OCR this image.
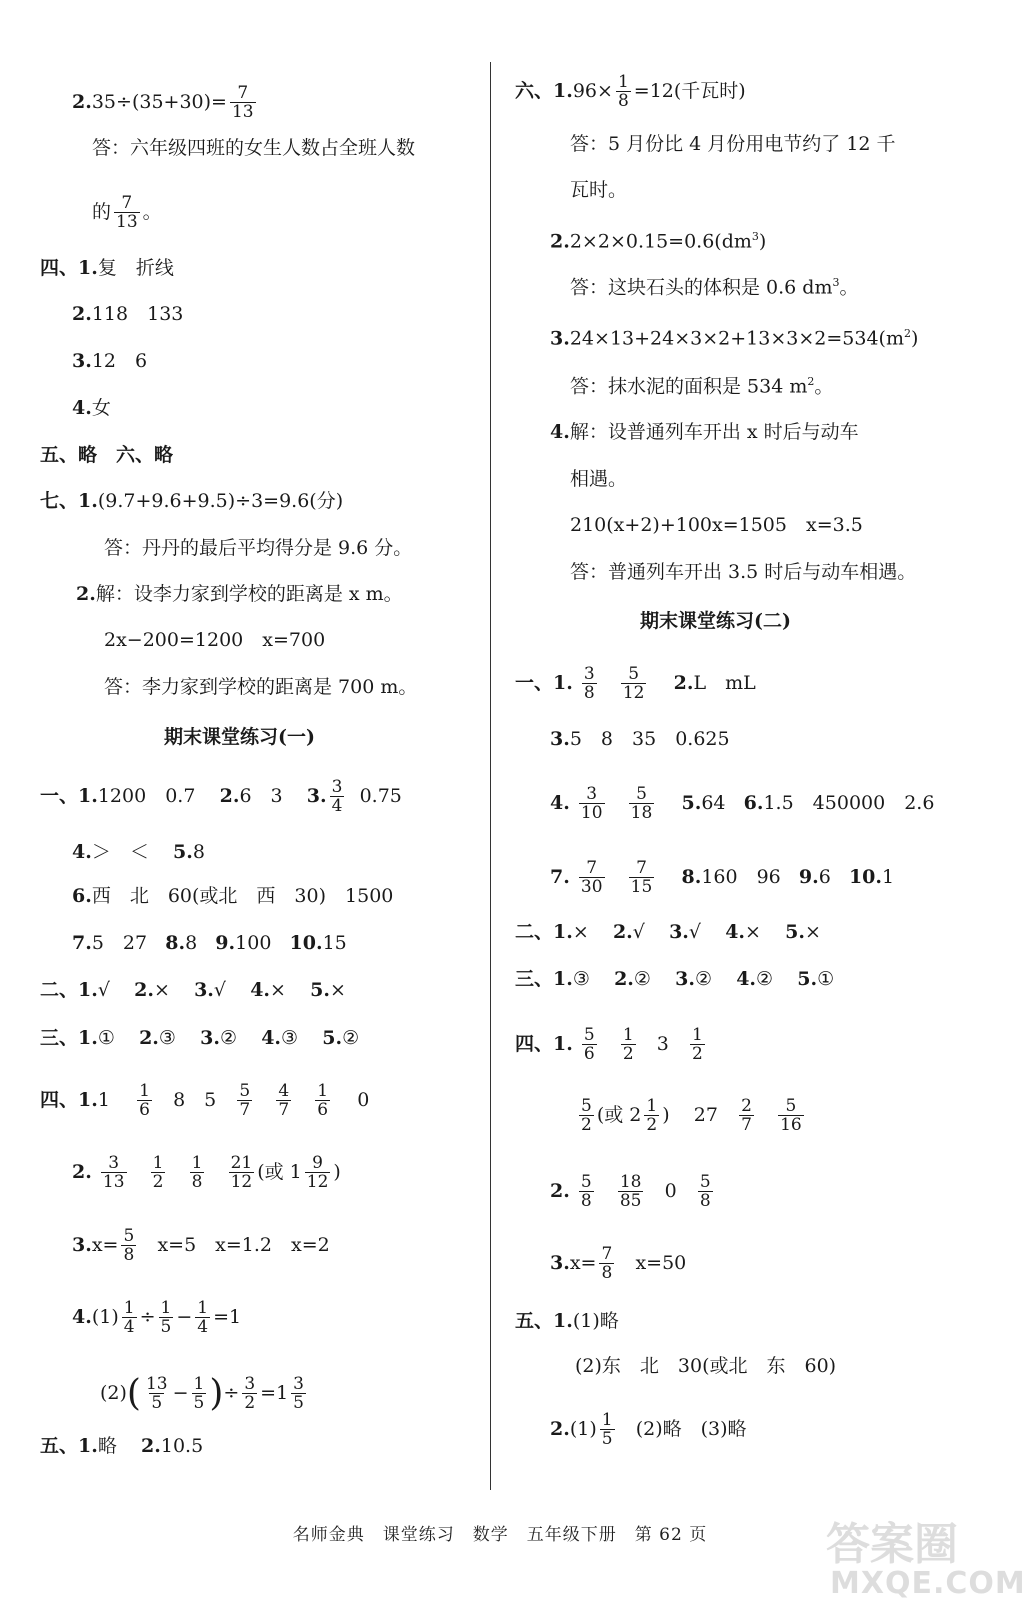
$2.35\div(35+30)= \frac{7}{13}$
答：六年级四班的女生人数占全班人数
的 $\frac{7}{13}$ 。
四、1.复　折线
2.118　133
3.12　6
4.女
五、略　六、略
七、1.(9.7+9.6+9.5)÷3=9.6(分)
答：丹丹的最后平均得分是 9.6 分。
2.解：设李力家到学校的距离是 x m。
2x−200=1200　x=700
答：李力家到学校的距离是 700 m。
期末课堂练习(一)
一、1.1200　0.7 2.6　3 3. $\frac{3}{4} 0.75$
4.＞　＜ 5.8
6.西　北　60(或北　西　30)　1500
7.5　27 8.8 9.100 10.15
二、1.√ 2.× 3.√ 4.× 5.×
三、1.① 2.③ 3.② 4.③ 5.②
四、$1.1 \frac{1}{6} 8$　$5 \frac{5}{7}$
$\frac{4}{7}$
$\frac{1}{6} 0$
2. $\frac{3}{13}$
$\frac{1}{2}$
$\frac{1}{8}$
$\frac{21}{12}$ (或 $1 \frac{9}{12}$ )
$3.x= \frac{5}{8} x=5$　x=1.2　x=2
$4.(1) \frac{1}{4} \div \frac{1}{5} - \frac{1}{4} =1$
$(2)( \frac{13}{5} - \frac{1}{5}$ )÷ $\frac{3}{2} =1 \frac{3}{5}$
五、1.略 2.10.5
六、$1.96\times \frac{1}{8} =12$(千瓦时)
答：5 月份比 4 月份用电节约了 12 千
瓦时。
$2.2\times 2\times 0.15=0.6(dm^3)$
答：这块石头的体积是 0.6 $dm^3$。
$3.24\times 13+24\times 3\times 2+13\times 3\times 2=534(m^2)$
答：抹水泥的面积是 534 $m^2$。
4.解：设普通列车开出 x 时后与动车
相遇。
210(x+2)+100x=1505　x=3.5
答：普通列车开出 3.5 时后与动车相遇。
期末课堂练习(二)
一、1. $\frac{3}{8}$
$\frac{5}{12} 2.L$　mL
3.5　8　35　0.625
4. $\frac{3}{10}$
$\frac{5}{18} 5.64$ 6.1.5　450000　2.6
7. $\frac{7}{30}$
$\frac{7}{15} 8.160$　96 9.6 10.1
二、1.× 2.√ 3.√ 4.× 5.×
三、1.③ 2.② 3.② 4.② 5.①
四、1. $\frac{5}{6}$
$\frac{1}{2} 3 \frac{1}{2}$
$\frac{5}{2}$ (或 $2 \frac{1}{2}$ ) $27 \frac{2}{7}$
$\frac{5}{16}$
2. $\frac{5}{8}$
$\frac{18}{85} 0 \frac{5}{8}$
$3.x= \frac{7}{8} x=50$
五、1.(1)略
(2)东　北　30(或北　东　60)
$2.(1) \frac{1}{5} (2)$略　(3)略
名师金典　课堂练习　数学　五年级下册　第 62 页	答案圈
MXQE.COM
